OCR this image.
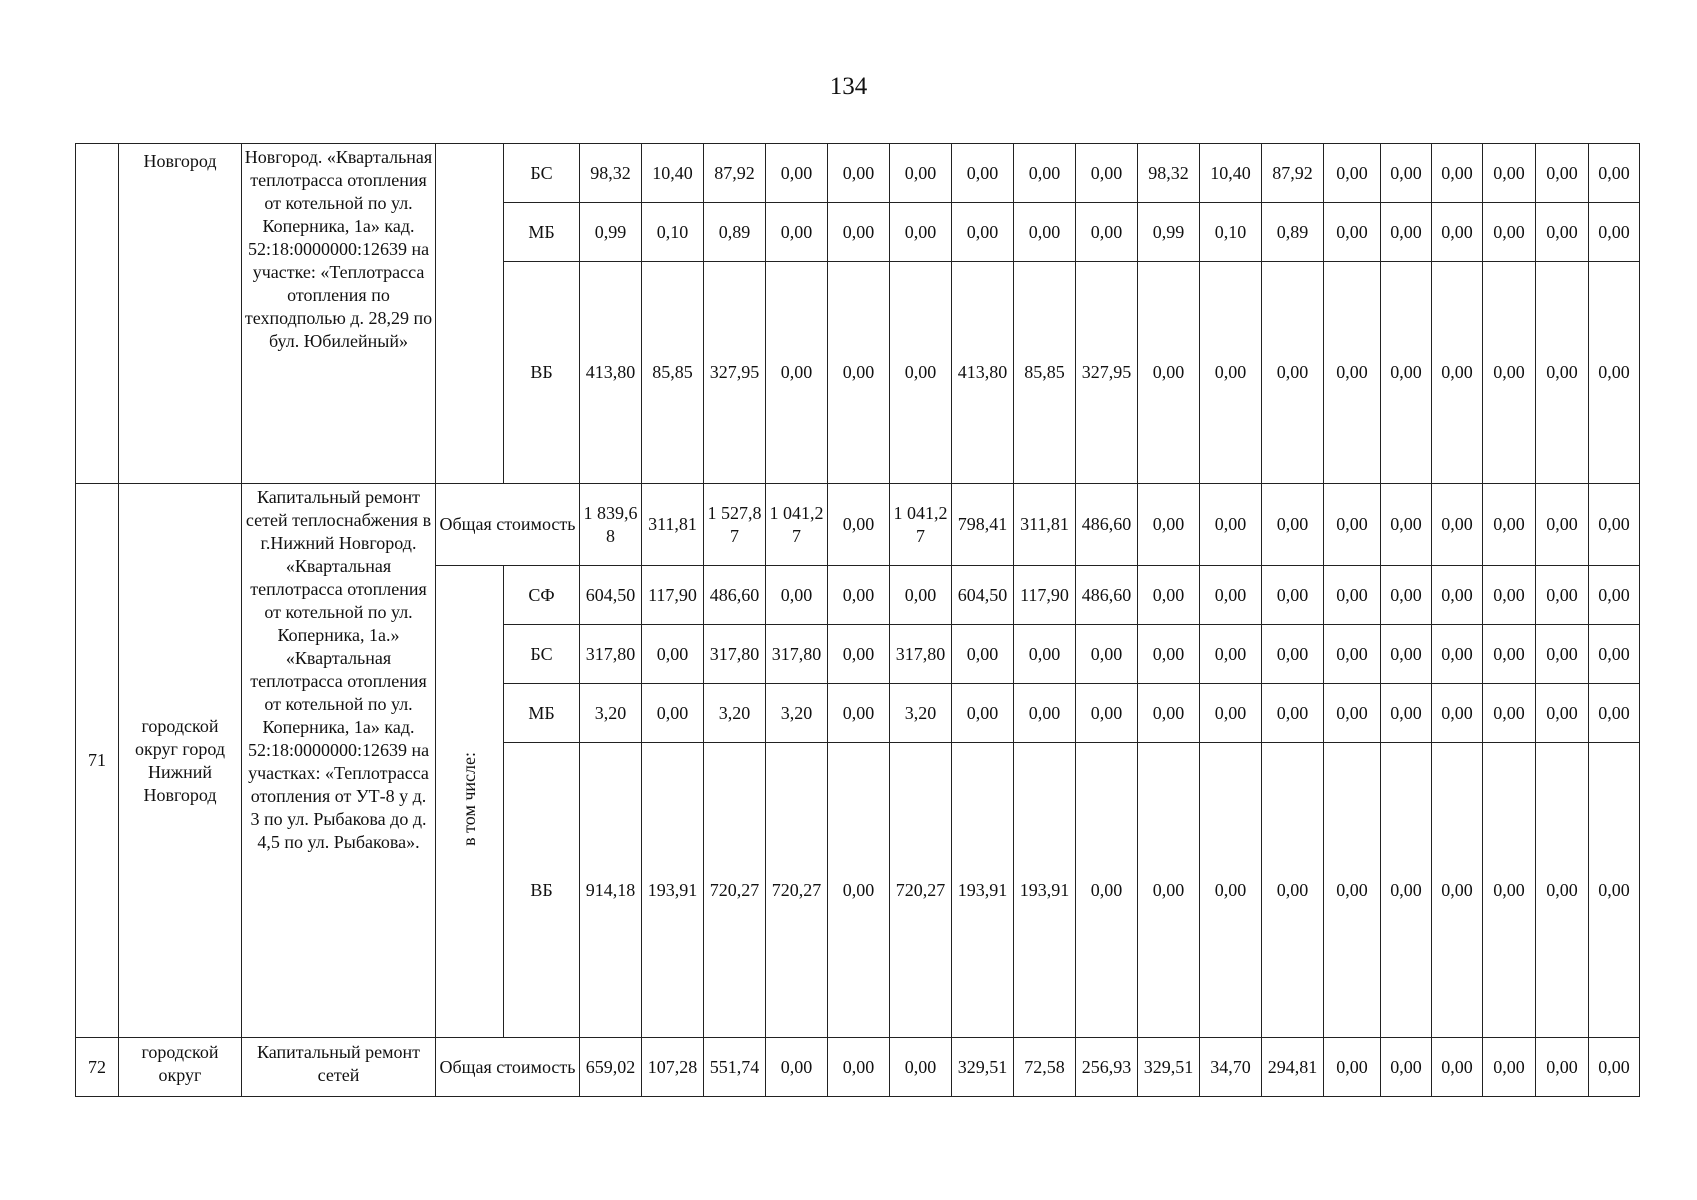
134
	Новгород	Новгород. «Квартальная теплотрасса отопления от котельной по ул. Коперника, 1а» кад. 52:18:0000000:12639 на участке: «Теплотрасса отопления по техподполью д. 28,29 по бул. Юбилейный»		БС	98,32	10,40	87,92	0,00	0,00	0,00	0,00	0,00	0,00	98,32	10,40	87,92	0,00	0,00	0,00	0,00	0,00	0,00
				МБ	0,99	0,10	0,89	0,00	0,00	0,00	0,00	0,00	0,00	0,99	0,10	0,89	0,00	0,00	0,00	0,00	0,00	0,00
				ВБ	413,80	85,85	327,95	0,00	0,00	0,00	413,80	85,85	327,95	0,00	0,00	0,00	0,00	0,00	0,00	0,00	0,00	0,00
71	городской округ город Нижний Новгород	Капитальный ремонт сетей теплоснабжения в г.Нижний Новгород. «Квартальная теплотрасса отопления от котельной по ул. Коперника, 1а.» «Квартальная теплотрасса отопления от котельной по ул. Коперника, 1а» кад. 52:18:0000000:12639 на участках: «Теплотрасса отопления от УТ-8 у д. 3 по ул. Рыбакова до д. 4,5 по ул. Рыбакова».	Общая стоимость		1 839,68	311,81	1 527,87	1 041,27	0,00	1 041,27	798,41	311,81	486,60	0,00	0,00	0,00	0,00	0,00	0,00	0,00	0,00	0,00
			в том числе:	СФ	604,50	117,90	486,60	0,00	0,00	0,00	604,50	117,90	486,60	0,00	0,00	0,00	0,00	0,00	0,00	0,00	0,00	0,00
				БС	317,80	0,00	317,80	317,80	0,00	317,80	0,00	0,00	0,00	0,00	0,00	0,00	0,00	0,00	0,00	0,00	0,00	0,00
				МБ	3,20	0,00	3,20	3,20	0,00	3,20	0,00	0,00	0,00	0,00	0,00	0,00	0,00	0,00	0,00	0,00	0,00	0,00
				ВБ	914,18	193,91	720,27	720,27	0,00	720,27	193,91	193,91	0,00	0,00	0,00	0,00	0,00	0,00	0,00	0,00	0,00	0,00
72	городской округ	Капитальный ремонт сетей	Общая стоимость		659,02	107,28	551,74	0,00	0,00	0,00	329,51	72,58	256,93	329,51	34,70	294,81	0,00	0,00	0,00	0,00	0,00	0,00
